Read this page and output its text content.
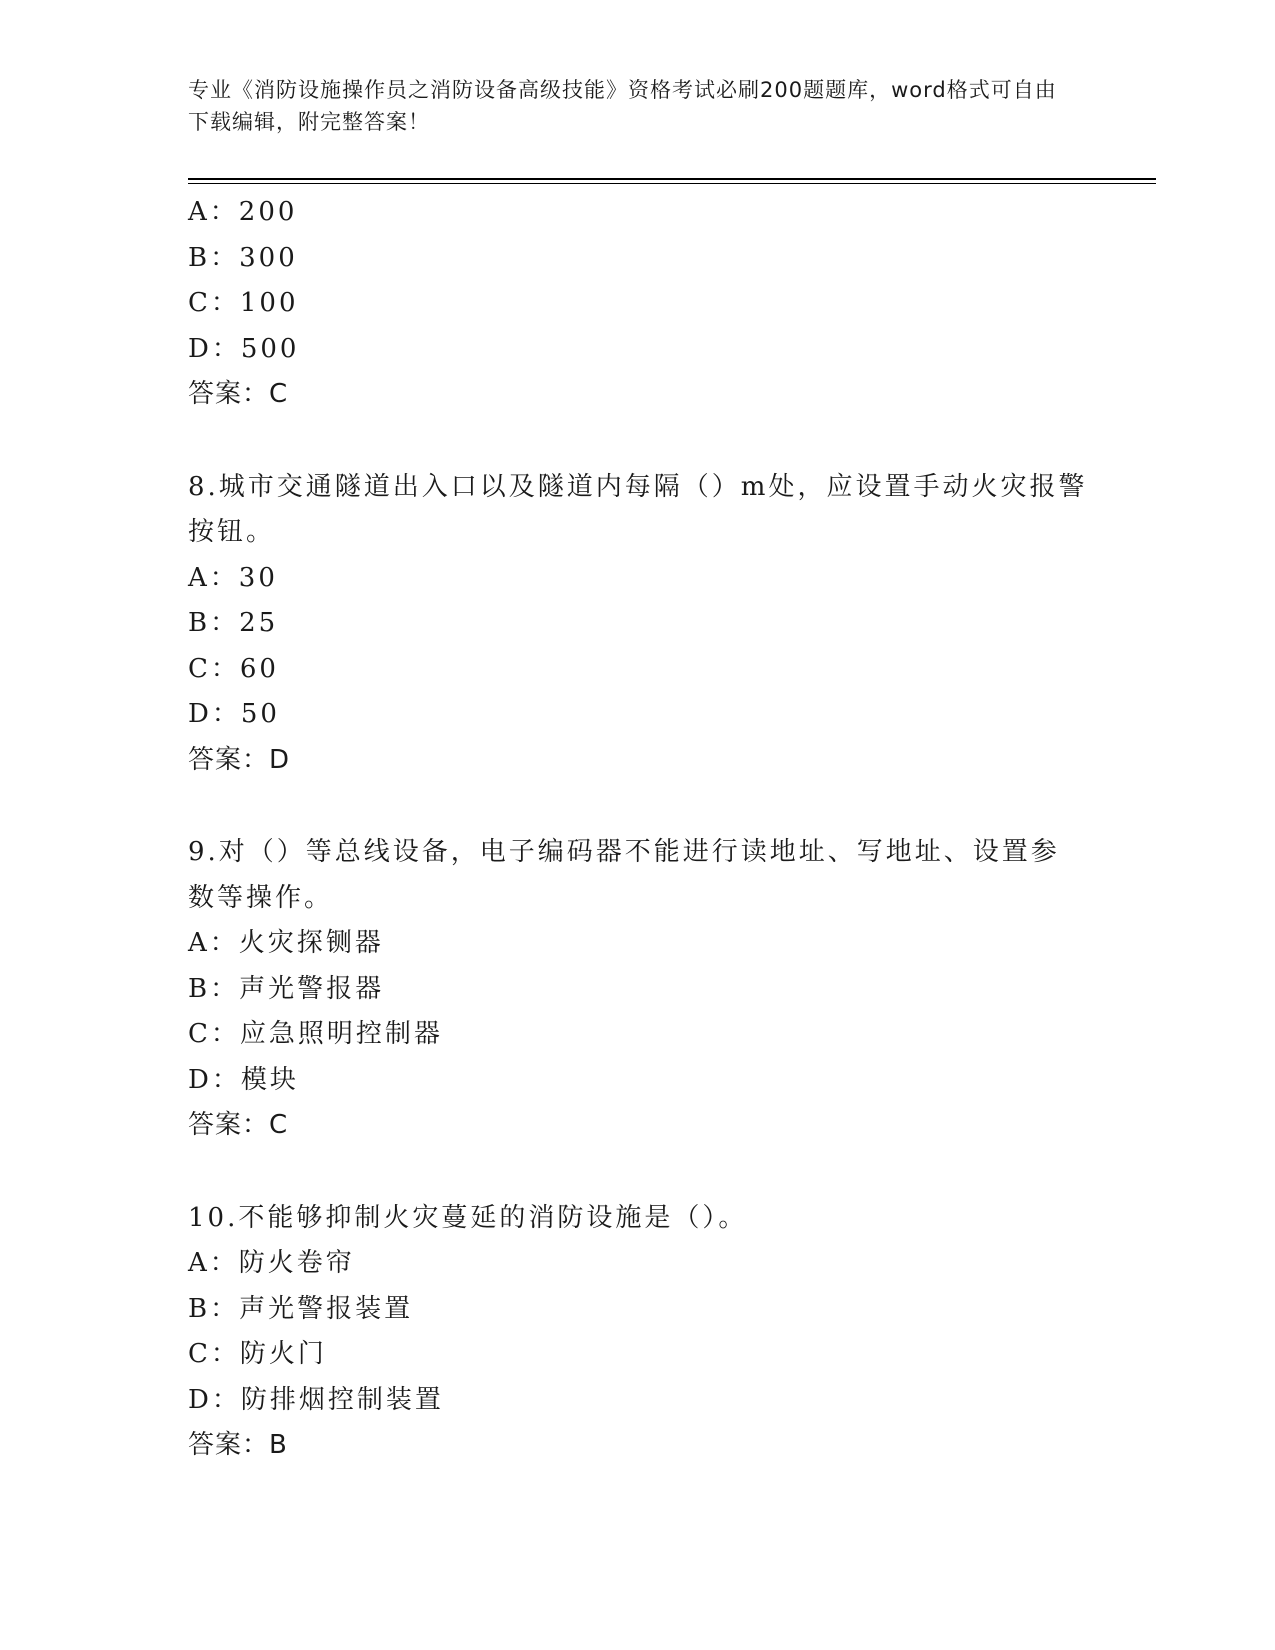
专业《消防设施操作员之消防设备高级技能》资格考试必刷200题题库，word格式可自由下载编辑，附完整答案！
A：200
B：300
C：100
D：500
答案：C
8.城市交通隧道出入口以及隧道内每隔（）m处，应设置手动火灾报警按钮。
A：30
B：25
C：60
D：50
答案：D
9.对（）等总线设备，电子编码器不能进行读地址、写地址、设置参数等操作。
A：火灾探铡器
B：声光警报器
C：应急照明控制器
D：模块
答案：C
10.不能够抑制火灾蔓延的消防设施是（）。
A：防火卷帘
B：声光警报装置
C：防火门
D：防排烟控制装置
答案：B
